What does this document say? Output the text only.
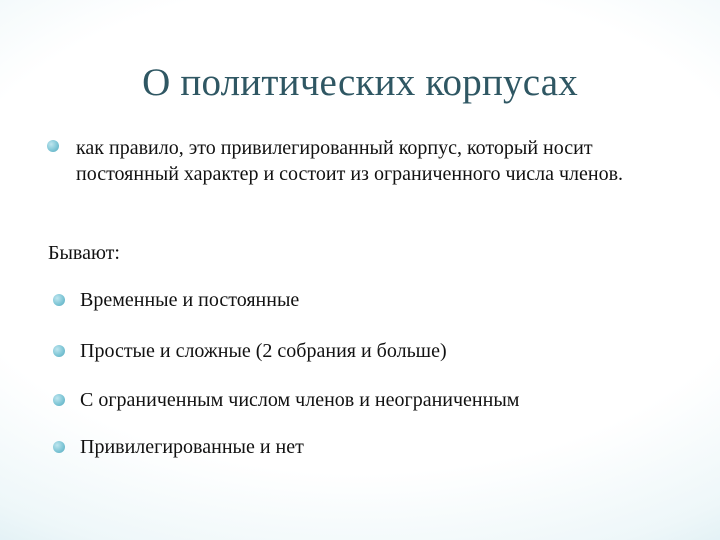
О политических корпусах
как правило, это привилегированный корпус, который носит постоянный характер и состоит из ограниченного числа членов.
Бывают:
Временные и постоянные
Простые и сложные (2 собрания и больше)
С ограниченным числом членов и неограниченным
Привилегированные и нет
